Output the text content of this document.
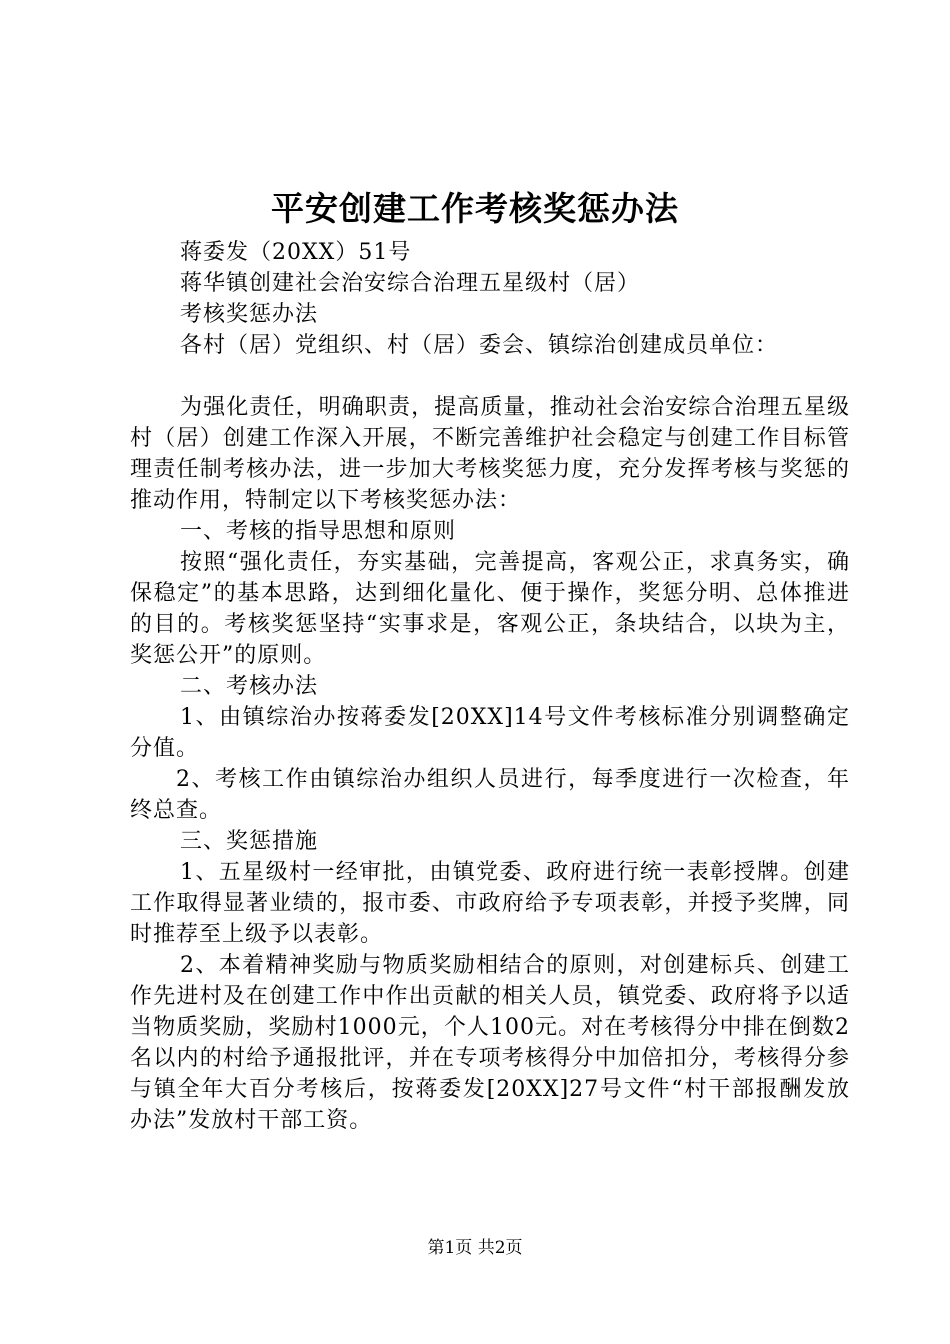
平安创建工作考核奖惩办法
蒋委发（20XX）51号
蒋华镇创建社会治安综合治理五星级村（居）
考核奖惩办法
各村（居）党组织、村（居）委会、镇综治创建成员单位：

为强化责任，明确职责，提高质量，推动社会治安综合治理五星级村（居）创建工作深入开展，不断完善维护社会稳定与创建工作目标管理责任制考核办法，进一步加大考核奖惩力度，充分发挥考核与奖惩的推动作用，特制定以下考核奖惩办法：

一、考核的指导思想和原则

按照“强化责任，夯实基础，完善提高，客观公正，求真务实，确保稳定”的基本思路，达到细化量化、便于操作，奖惩分明、总体推进的目的。考核奖惩坚持“实事求是，客观公正，条块结合，以块为主，奖惩公开”的原则。

二、考核办法

1、由镇综治办按蒋委发[20XX]14号文件考核标准分别调整确定分值。

2、考核工作由镇综治办组织人员进行，每季度进行一次检查，年终总查。

三、奖惩措施

1、五星级村一经审批，由镇党委、政府进行统一表彰授牌。创建工作取得显著业绩的，报市委、市政府给予专项表彰，并授予奖牌，同时推荐至上级予以表彰。

2、本着精神奖励与物质奖励相结合的原则，对创建标兵、创建工作先进村及在创建工作中作出贡献的相关人员，镇党委、政府将予以适当物质奖励，奖励村1000元，个人100元。对在考核得分中排在倒数2名以内的村给予通报批评，并在专项考核得分中加倍扣分，考核得分参与镇全年大百分考核后，按蒋委发[20XX]27号文件“村干部报酬发放办法”发放村干部工资。

第1页 共2页
